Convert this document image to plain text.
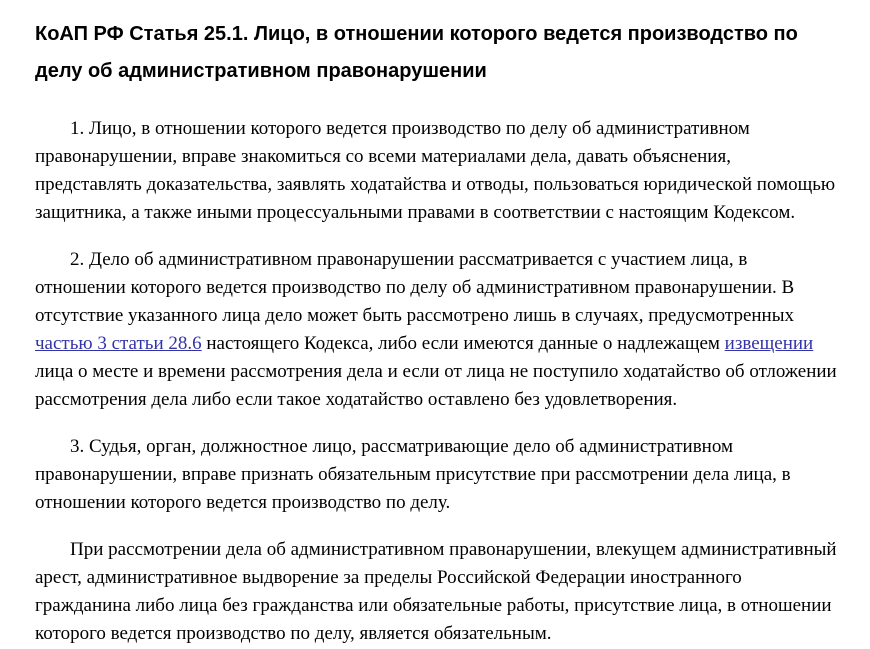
КоАП РФ Статья 25.1. Лицо, в отношении которого ведется производство по делу об административном правонарушении

1. Лицо, в отношении которого ведется производство по делу об административном правонарушении, вправе знакомиться со всеми материалами дела, давать объяснения, представлять доказательства, заявлять ходатайства и отводы, пользоваться юридической помощью защитника, а также иными процессуальными правами в соответствии с настоящим Кодексом.

2. Дело об административном правонарушении рассматривается с участием лица, в отношении которого ведется производство по делу об административном правонарушении. В отсутствие указанного лица дело может быть рассмотрено лишь в случаях, предусмотренных частью 3 статьи 28.6 настоящего Кодекса, либо если имеются данные о надлежащем извещении лица о месте и времени рассмотрения дела и если от лица не поступило ходатайство об отложении рассмотрения дела либо если такое ходатайство оставлено без удовлетворения.

3. Судья, орган, должностное лицо, рассматривающие дело об административном правонарушении, вправе признать обязательным присутствие при рассмотрении дела лица, в отношении которого ведется производство по делу.

При рассмотрении дела об административном правонарушении, влекущем административный арест, административное выдворение за пределы Российской Федерации иностранного гражданина либо лица без гражданства или обязательные работы, присутствие лица, в отношении которого ведется производство по делу, является обязательным.
